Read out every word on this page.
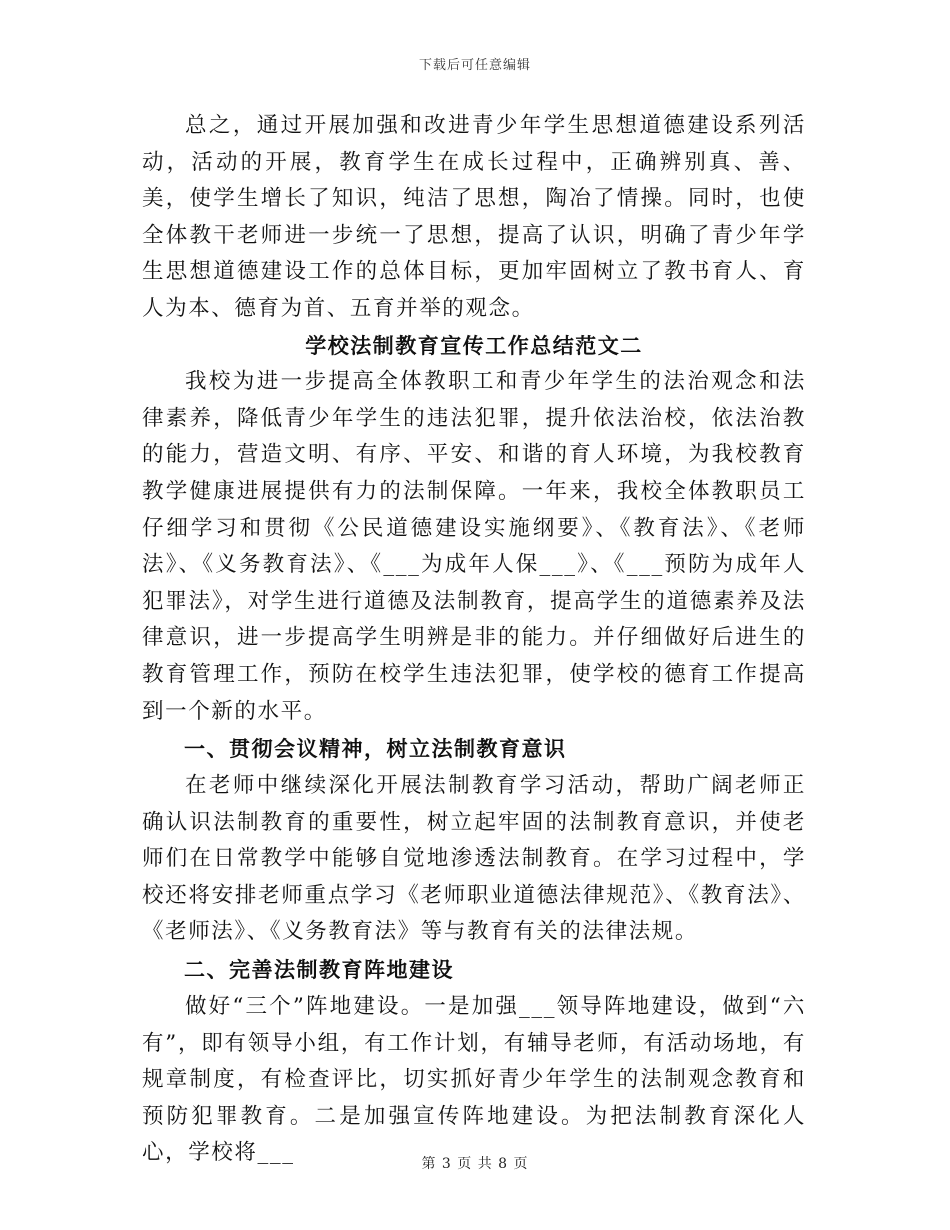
下载后可任意编辑

总之，通过开展加强和改进青少年学生思想道德建设系列活动，活动的开展，教育学生在成长过程中，正确辨别真、善、美，使学生增长了知识，纯洁了思想，陶冶了情操。同时，也使全体教干老师进一步统一了思想，提高了认识，明确了青少年学生思想道德建设工作的总体目标，更加牢固树立了教书育人、育人为本、德育为首、五育并举的观念。

学校法制教育宣传工作总结范文二

我校为进一步提高全体教职工和青少年学生的法治观念和法律素养，降低青少年学生的违法犯罪，提升依法治校，依法治教的能力，营造文明、有序、平安、和谐的育人环境，为我校教育教学健康进展提供有力的法制保障。一年来，我校全体教职员工仔细学习和贯彻《公民道德建设实施纲要》、《教育法》、《老师法》、《义务教育法》、《___为成年人保___》、《___预防为成年人犯罪法》，对学生进行道德及法制教育，提高学生的道德素养及法律意识，进一步提高学生明辨是非的能力。并仔细做好后进生的教育管理工作，预防在校学生违法犯罪，使学校的德育工作提高到一个新的水平。

一、贯彻会议精神，树立法制教育意识

在老师中继续深化开展法制教育学习活动，帮助广阔老师正确认识法制教育的重要性，树立起牢固的法制教育意识，并使老师们在日常教学中能够自觉地渗透法制教育。在学习过程中，学校还将安排老师重点学习《老师职业道德法律规范》、《教育法》、《老师法》、《义务教育法》等与教育有关的法律法规。

二、完善法制教育阵地建设

做好“三个”阵地建设。一是加强___领导阵地建设，做到“六有”，即有领导小组，有工作计划，有辅导老师，有活动场地，有规章制度，有检查评比，切实抓好青少年学生的法制观念教育和预防犯罪教育。二是加强宣传阵地建设。为把法制教育深化人心，学校将___	第 3 页 共 8 页
